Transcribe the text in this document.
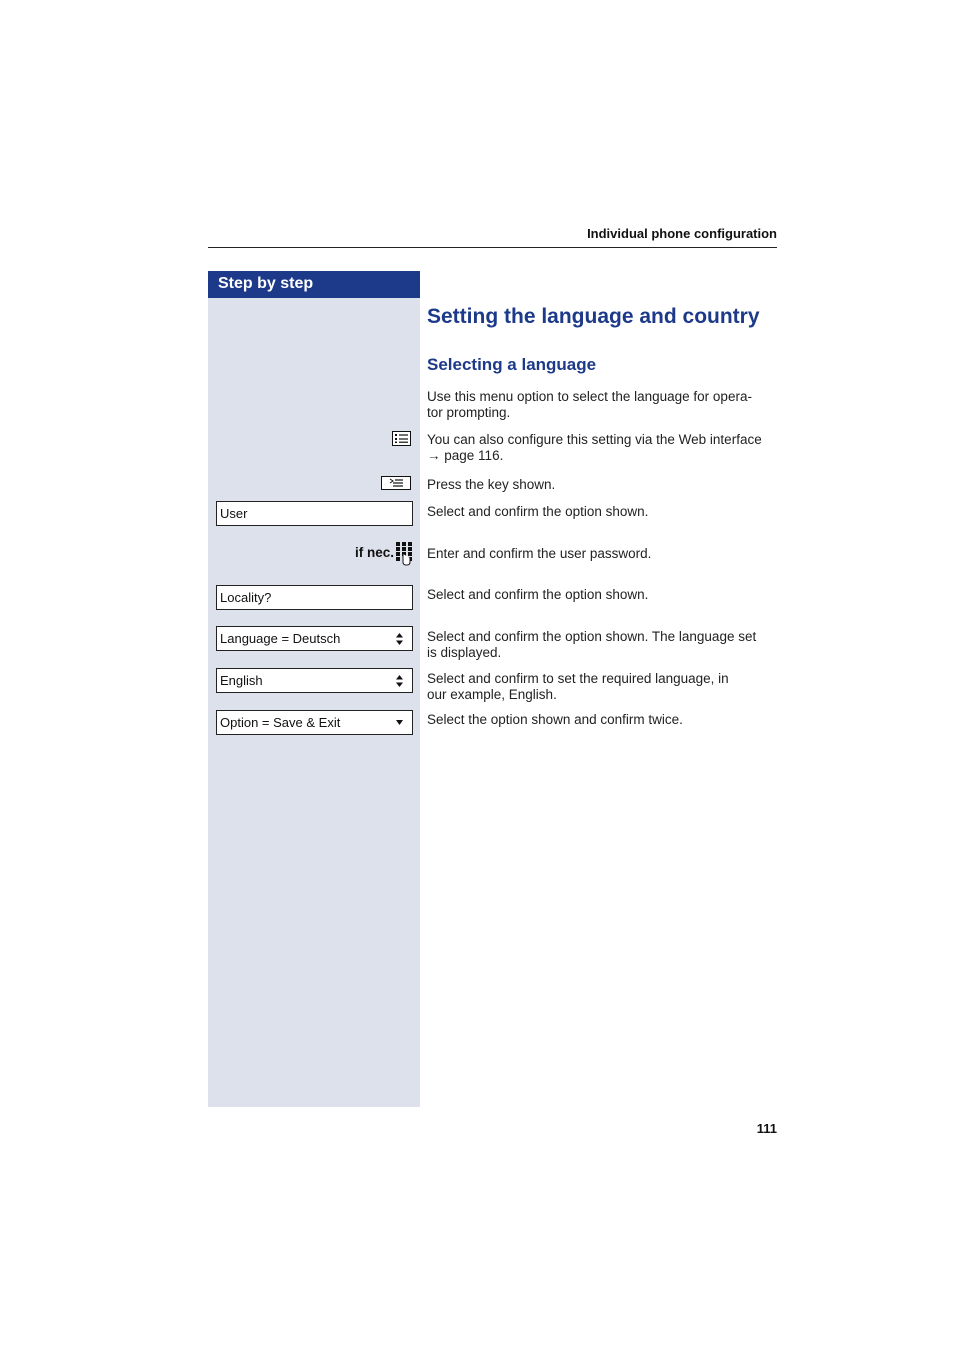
Individual phone configuration
Step by step
Setting the language and country
Selecting a language
Use this menu option to select the language for opera-
tor prompting.
You can also configure this setting via the Web interface
→ page 116.
Press the key shown.
User	Select and confirm the option shown.
if nec. Enter and confirm the user password.
Locality?	Select and confirm the option shown.
Language = Deutsch	Select and confirm the option shown. The language set
is displayed.
English	Select and confirm to set the required language, in
our example, English.
Option = Save & Exit	Select the option shown and confirm twice.
111
